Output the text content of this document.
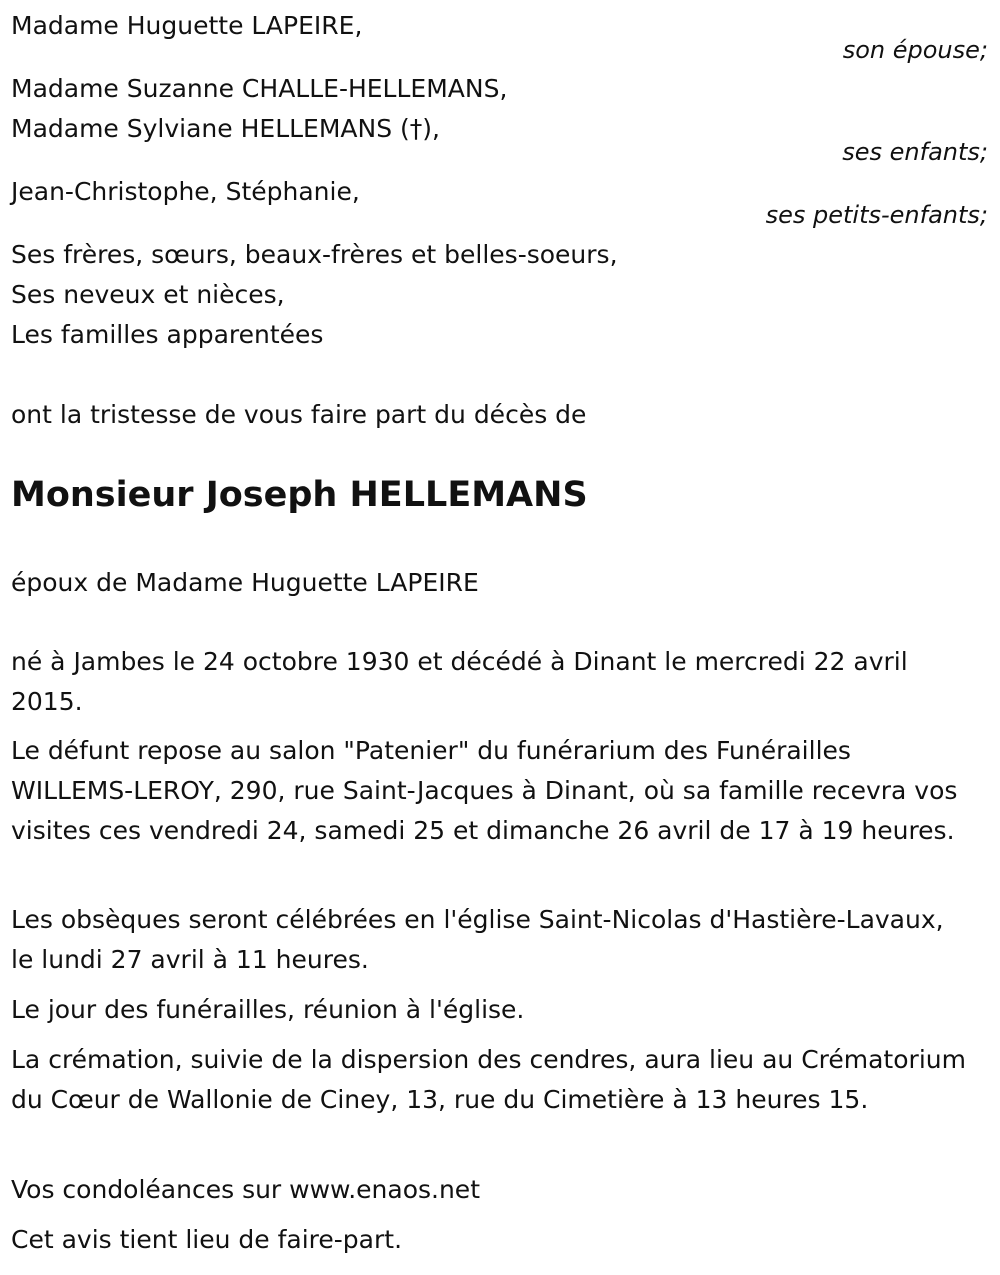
Madame Huguette LAPEIRE,
son épouse;
Madame Suzanne CHALLE-HELLEMANS,
Madame Sylviane HELLEMANS (†),
ses enfants;
Jean-Christophe, Stéphanie,
ses petits-enfants;
Ses frères, sœurs, beaux-frères et belles-soeurs,
Ses neveux et nièces,
Les familles apparentées
ont la tristesse de vous faire part du décès de
Monsieur Joseph HELLEMANS
époux de Madame Huguette LAPEIRE
né à Jambes le 24 octobre 1930 et décédé à Dinant le mercredi 22 avril 2015.
Le défunt repose au salon "Patenier" du funérarium des Funérailles WILLEMS-LEROY, 290, rue Saint-Jacques à Dinant, où sa famille recevra vos visites ces vendredi 24, samedi 25 et dimanche 26 avril de 17 à 19 heures.
Les obsèques seront célébrées en l'église Saint-Nicolas d'Hastière-Lavaux, le lundi 27 avril à 11 heures.
Le jour des funérailles, réunion à l'église.
La crémation, suivie de la dispersion des cendres, aura lieu au Crématorium du Cœur de Wallonie de Ciney, 13, rue du Cimetière à 13 heures 15.
Vos condoléances sur www.enaos.net
Cet avis tient lieu de faire-part.
